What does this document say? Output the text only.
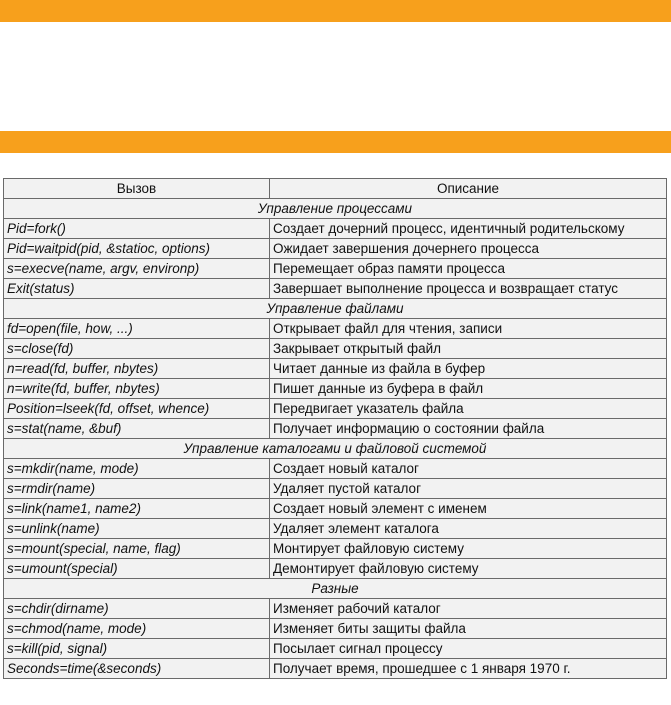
Вызов	Описание
Управление процессами	
Pid=fork()	Создает дочерний процесс, идентичный родительскому
Pid=waitpid(pid, &statioc, options)	Ожидает завершения дочернего процесса
s=execve(name, argv, environp)	Перемещает образ памяти процесса
Exit(status)	Завершает выполнение процесса и возвращает статус
Управление файлами	
fd=open(file, how, ...)	Открывает файл для чтения, записи
s=close(fd)	Закрывает открытый файл
n=read(fd, buffer, nbytes)	Читает данные из файла в буфер
n=write(fd, buffer, nbytes)	Пишет данные из буфера в файл
Position=lseek(fd, offset, whence)	Передвигает указатель файла
s=stat(name, &buf)	Получает информацию о состоянии файла
Управление каталогами и файловой системой	
s=mkdir(name, mode)	Создает новый каталог
s=rmdir(name)	Удаляет пустой каталог
s=link(name1, name2)	Создает новый элемент с именем
s=unlink(name)	Удаляет элемент каталога
s=mount(special, name, flag)	Монтирует файловую систему
s=umount(special)	Демонтирует файловую систему
Разные	
s=chdir(dirname)	Изменяет рабочий каталог
s=chmod(name, mode)	Изменяет биты защиты файла
s=kill(pid, signal)	Посылает сигнал процессу
Seconds=time(&seconds)	Получает время, прошедшее с 1 января 1970 г.
